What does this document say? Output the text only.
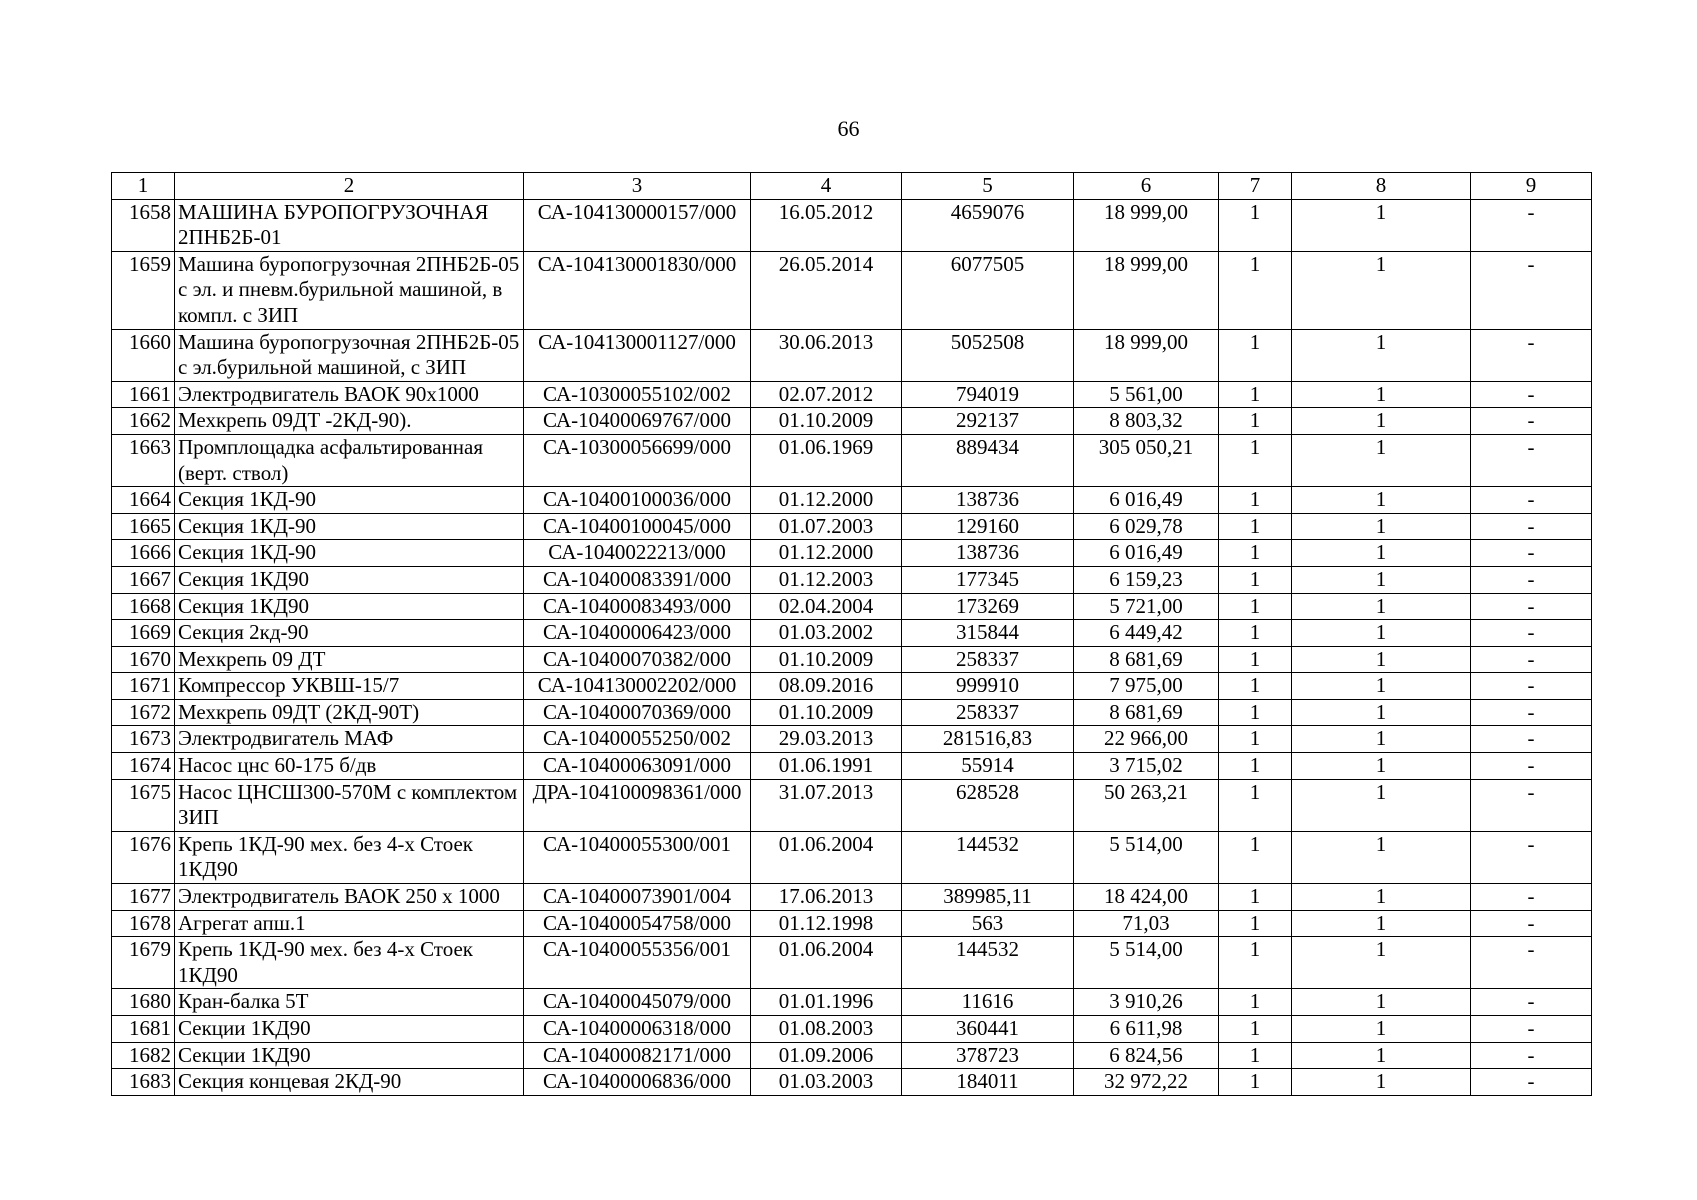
66
1	2	3	4	5	6	7	8	9
1658	МАШИНА БУРОПОГРУЗОЧНАЯ 2ПНБ2Б-01	СА-104130000157/000	16.05.2012	4659076	18 999,00	1	1	-
1659	Машина буропогрузочная 2ПНБ2Б-05 с эл. и пневм.бурильной машиной, в компл. с ЗИП	СА-104130001830/000	26.05.2014	6077505	18 999,00	1	1	-
1660	Машина буропогрузочная 2ПНБ2Б-05 с эл.бурильной машиной, с ЗИП	СА-104130001127/000	30.06.2013	5052508	18 999,00	1	1	-
1661	Электродвигатель ВАОК 90х1000	СА-10300055102/002	02.07.2012	794019	5 561,00	1	1	-
1662	Мехкрепь 09ДТ -2КД-90).	СА-10400069767/000	01.10.2009	292137	8 803,32	1	1	-
1663	Промплощадка асфальтированная (верт. ствол)	СА-10300056699/000	01.06.1969	889434	305 050,21	1	1	-
1664	Секция 1КД-90	СА-10400100036/000	01.12.2000	138736	6 016,49	1	1	-
1665	Секция 1КД-90	СА-10400100045/000	01.07.2003	129160	6 029,78	1	1	-
1666	Секция 1КД-90	СА-1040022213/000	01.12.2000	138736	6 016,49	1	1	-
1667	Секция 1КД90	СА-10400083391/000	01.12.2003	177345	6 159,23	1	1	-
1668	Секция 1КД90	СА-10400083493/000	02.04.2004	173269	5 721,00	1	1	-
1669	Секция 2кд-90	СА-10400006423/000	01.03.2002	315844	6 449,42	1	1	-
1670	Мехкрепь 09 ДТ	СА-10400070382/000	01.10.2009	258337	8 681,69	1	1	-
1671	Компрессор УКВШ-15/7	СА-104130002202/000	08.09.2016	999910	7 975,00	1	1	-
1672	Мехкрепь 09ДТ (2КД-90Т)	СА-10400070369/000	01.10.2009	258337	8 681,69	1	1	-
1673	Электродвигатель МАФ	СА-10400055250/002	29.03.2013	281516,83	22 966,00	1	1	-
1674	Насос цнс 60-175 б/дв	СА-10400063091/000	01.06.1991	55914	3 715,02	1	1	-
1675	Насос ЦНСШ300-570М с комплектом ЗИП	ДРА-104100098361/000	31.07.2013	628528	50 263,21	1	1	-
1676	Крепь 1КД-90 мех. без 4-х Стоек 1КД90	СА-10400055300/001	01.06.2004	144532	5 514,00	1	1	-
1677	Электродвигатель ВАОК 250 х 1000	СА-10400073901/004	17.06.2013	389985,11	18 424,00	1	1	-
1678	Агрегат апш.1	СА-10400054758/000	01.12.1998	563	71,03	1	1	-
1679	Крепь 1КД-90 мех. без 4-х Стоек 1КД90	СА-10400055356/001	01.06.2004	144532	5 514,00	1	1	-
1680	Кран-балка 5Т	СА-10400045079/000	01.01.1996	11616	3 910,26	1	1	-
1681	Секции 1КД90	СА-10400006318/000	01.08.2003	360441	6 611,98	1	1	-
1682	Секции 1КД90	СА-10400082171/000	01.09.2006	378723	6 824,56	1	1	-
1683	Секция концевая 2КД-90	СА-10400006836/000	01.03.2003	184011	32 972,22	1	1	-
